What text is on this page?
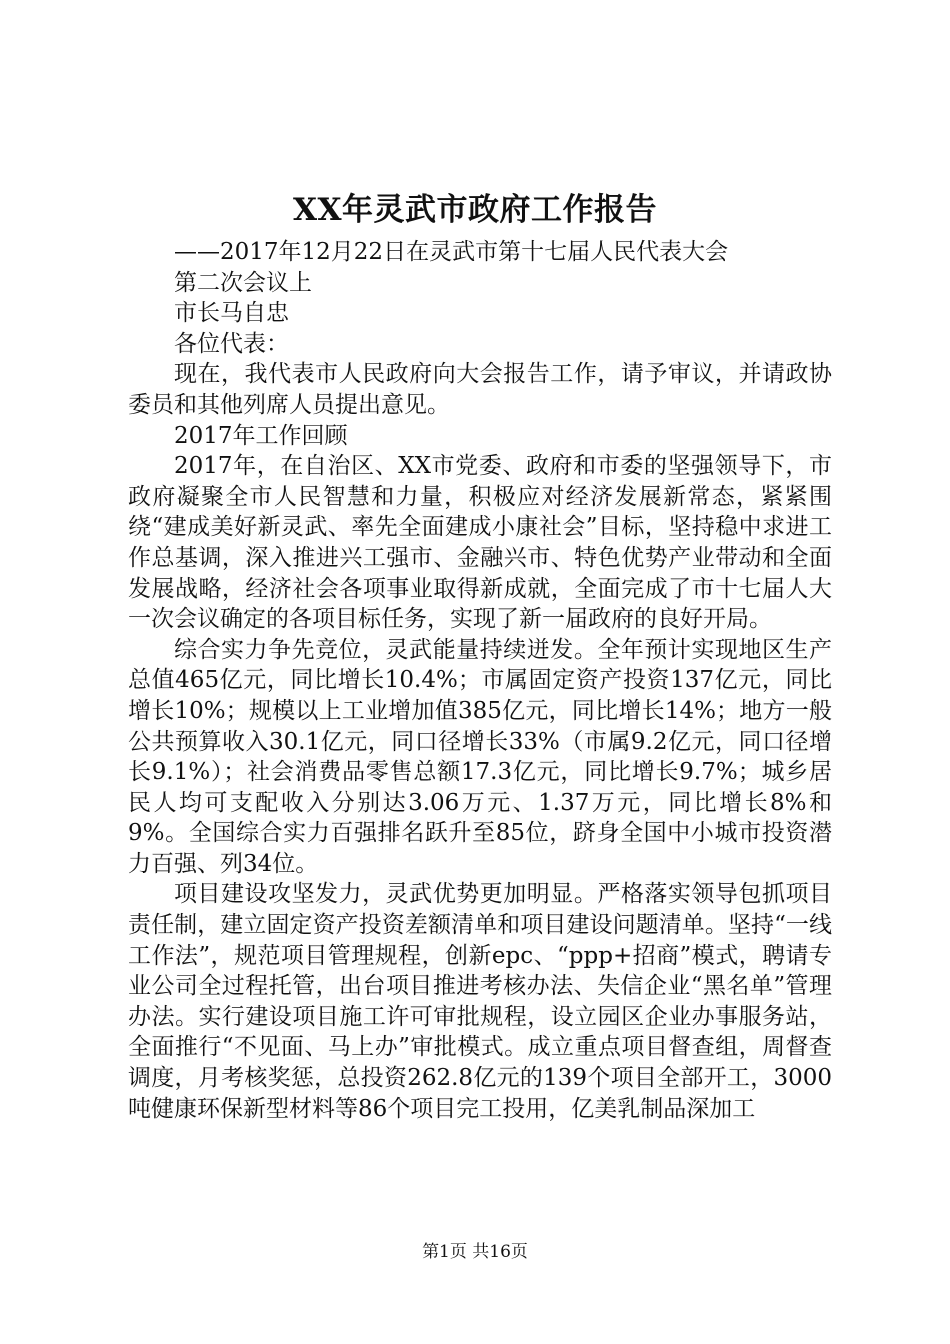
XX年灵武市政府工作报告

——2017年12月22日在灵武市第十七届人民代表大会

第二次会议上

市长马自忠

各位代表：

现在，我代表市人民政府向大会报告工作，请予审议，并请政协委员和其他列席人员提出意见。

2017年工作回顾

2017年，在自治区、XX市党委、政府和市委的坚强领导下，市政府凝聚全市人民智慧和力量，积极应对经济发展新常态，紧紧围绕“建成美好新灵武、率先全面建成小康社会”目标，坚持稳中求进工作总基调，深入推进兴工强市、金融兴市、特色优势产业带动和全面发展战略，经济社会各项事业取得新成就，全面完成了市十七届人大一次会议确定的各项目标任务，实现了新一届政府的良好开局。

综合实力争先竞位，灵武能量持续迸发。全年预计实现地区生产总值465亿元，同比增长10.4%；市属固定资产投资137亿元，同比增长10%；规模以上工业增加值385亿元，同比增长14%；地方一般公共预算收入30.1亿元，同口径增长33%（市属9.2亿元，同口径增长9.1%）；社会消费品零售总额17.3亿元，同比增长9.7%；城乡居民人均可支配收入分别达3.06万元、1.37万元，同比增长8%和9%。全国综合实力百强排名跃升至85位，跻身全国中小城市投资潜力百强、列34位。

项目建设攻坚发力，灵武优势更加明显。严格落实领导包抓项目责任制，建立固定资产投资差额清单和项目建设问题清单。坚持“一线工作法”，规范项目管理规程，创新epc、“ppp+招商”模式，聘请专业公司全过程托管，出台项目推进考核办法、失信企业“黑名单”管理办法。实行建设项目施工许可审批规程，设立园区企业办事服务站，全面推行“不见面、马上办”审批模式。成立重点项目督查组，周督查调度，月考核奖惩，总投资262.8亿元的139个项目全部开工，3000吨健康环保新型材料等86个项目完工投用，亿美乳制品深加工

第1页 共16页
